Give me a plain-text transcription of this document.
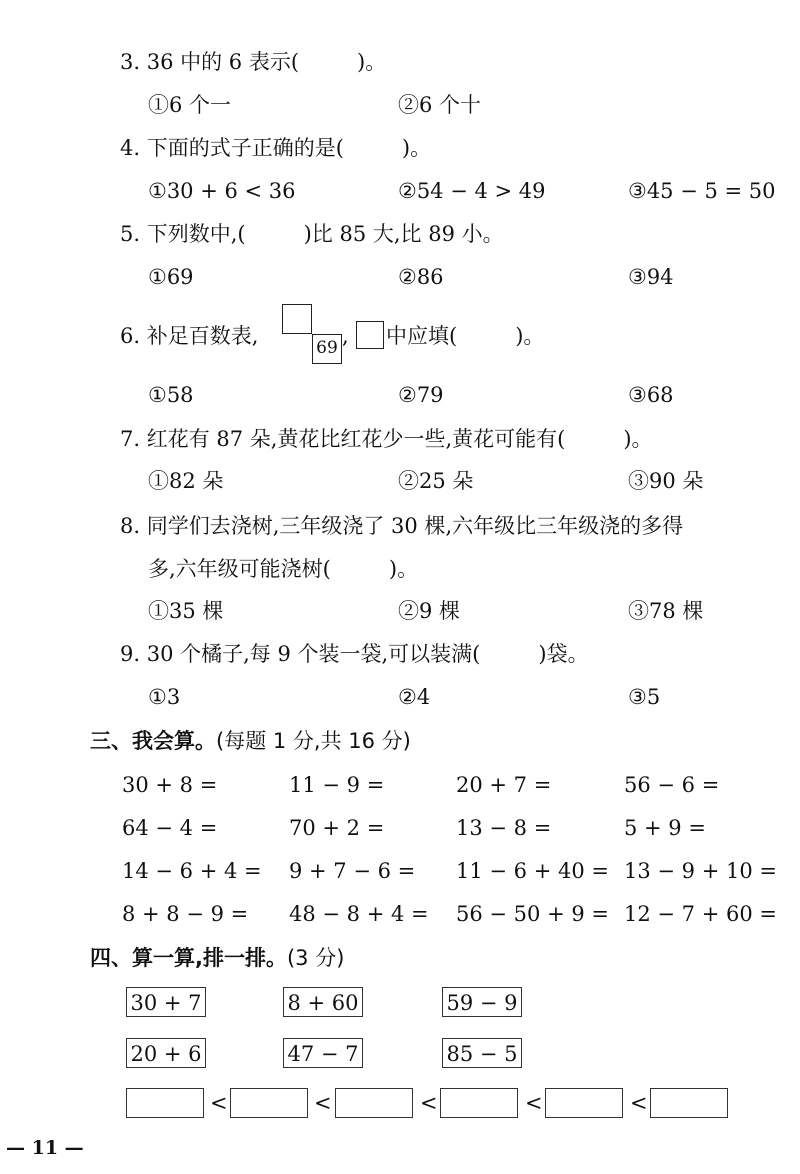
3. 36 中的 6 表示(	)。
①6 个一	②6 个十
4. 下面的式子正确的是(	)。
①30 + 6 < 36	②54 − 4 > 49	③45 − 5 = 50
5. 下列数中,(	)比 85 大,比 89 小。
①69	②86	③94
6. 补足百数表,	69 , 中应填(	)。
①58	②79	③68
7. 红花有 87 朵,黄花比红花少一些,黄花可能有(	)。
①82 朵	②25 朵	③90 朵
8. 同学们去浇树,三年级浇了 30 棵,六年级比三年级浇的多得
多,六年级可能浇树(	)。
①35 棵	②9 棵	③78 棵
9. 30 个橘子,每 9 个装一袋,可以装满(	)袋。
①3	②4	③5
三、我会算。(每题 1 分,共 16 分)
30 + 8 =	11 − 9 =	20 + 7 =	56 − 6 =
64 − 4 =	70 + 2 =	13 − 8 =	5 + 9 =
14 − 6 + 4 = 9 + 7 − 6 = 11 − 6 + 40 = 13 − 9 + 10 =
8 + 8 − 9 = 48 − 8 + 4 = 56 − 50 + 9 = 12 − 7 + 60 =
四、算一算,排一排。(3 分)
30 + 7	8 + 60	59 − 9
20 + 6	47 − 7	85 − 5
<	<	<	<	<
— 11 —
